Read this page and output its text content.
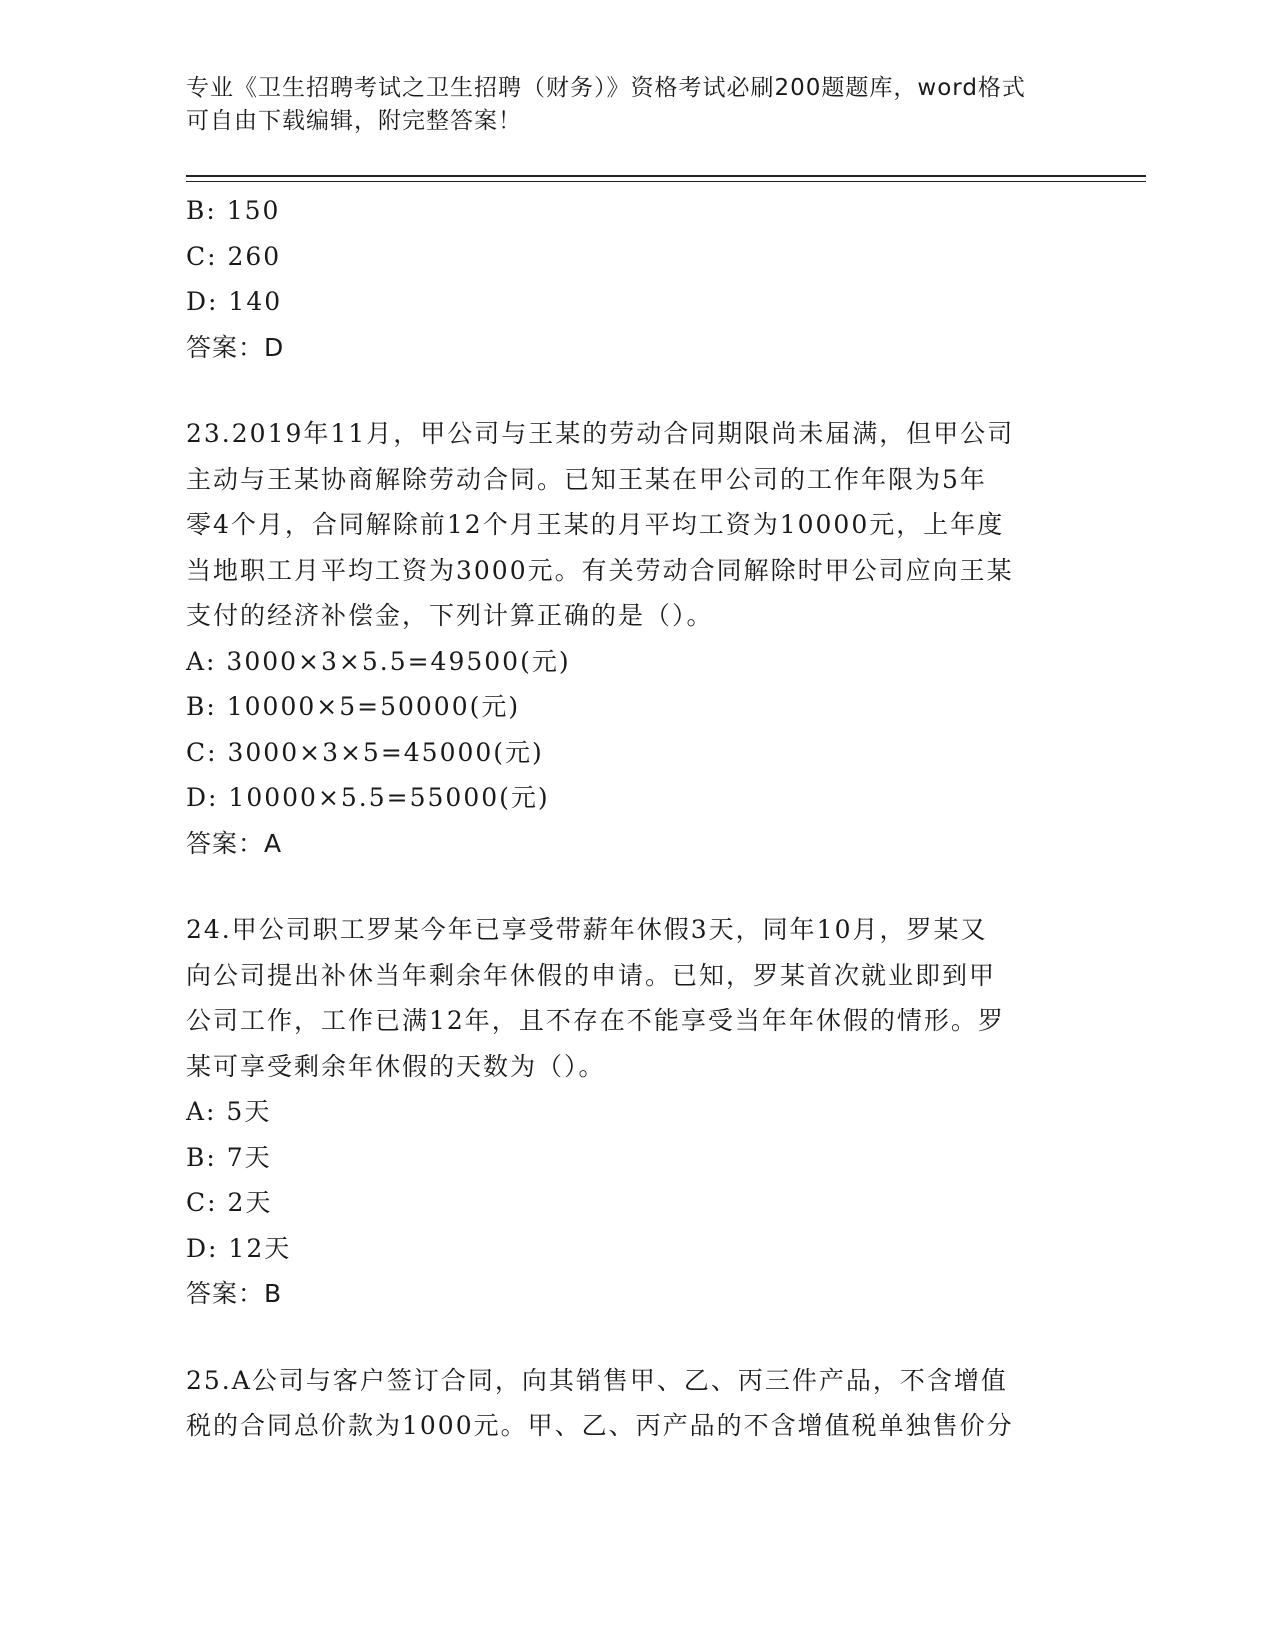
专业《卫生招聘考试之卫生招聘（财务）》资格考试必刷200题题库，word格式
可自由下载编辑，附完整答案！
B: 150
C: 260
D: 140
答案：D
23.2019年11月，甲公司与王某的劳动合同期限尚未届满，但甲公司
主动与王某协商解除劳动合同。已知王某在甲公司的工作年限为5年
零4个月，合同解除前12个月王某的月平均工资为10000元，上年度
当地职工月平均工资为3000元。有关劳动合同解除时甲公司应向王某
支付的经济补偿金，下列计算正确的是（）。
A: 3000×3×5.5=49500(元)
B: 10000×5=50000(元)
C: 3000×3×5=45000(元)
D: 10000×5.5=55000(元)
答案：A
24.甲公司职工罗某今年已享受带薪年休假3天，同年10月，罗某又
向公司提出补休当年剩余年休假的申请。已知，罗某首次就业即到甲
公司工作，工作已满12年，且不存在不能享受当年年休假的情形。罗
某可享受剩余年休假的天数为（）。
A: 5天
B: 7天
C: 2天
D: 12天
答案：B
25.A公司与客户签订合同，向其销售甲、乙、丙三件产品，不含增值
税的合同总价款为1000元。甲、乙、丙产品的不含增值税单独售价分
